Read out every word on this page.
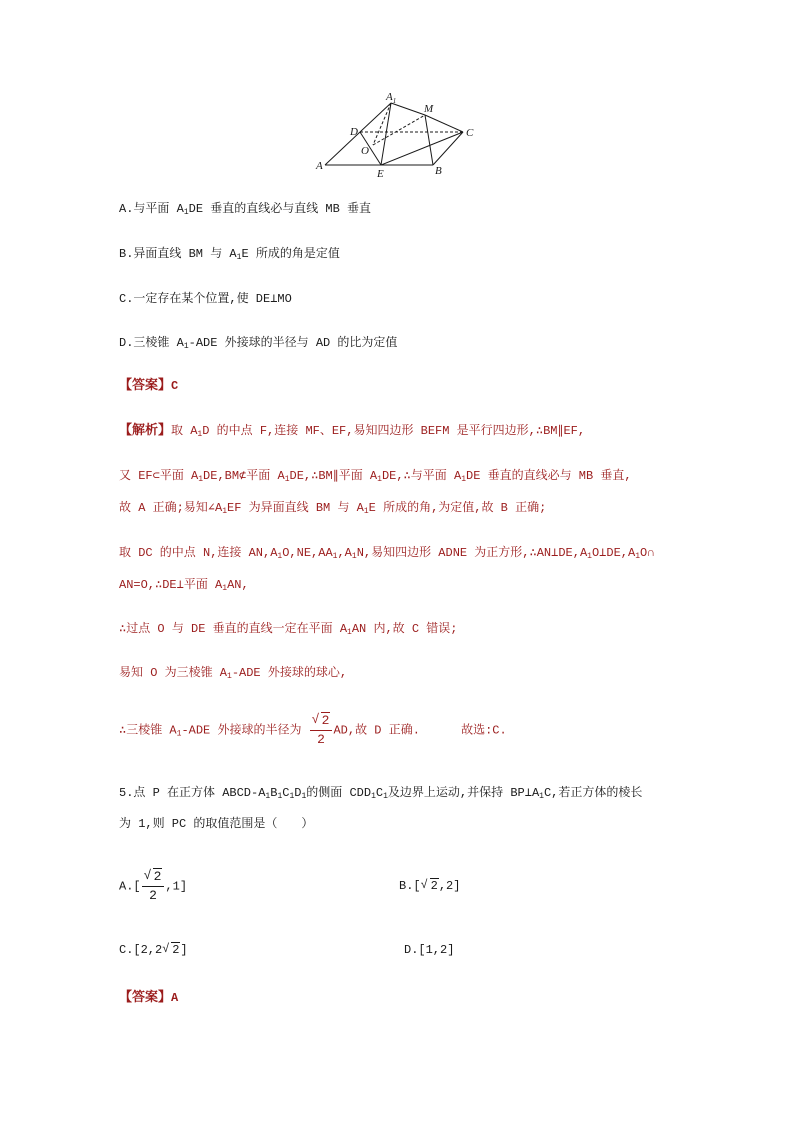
$A_1$
M
D	C
O
A
E	B
A.与平面 $A_1DE$ 垂直的直线必与直线 MB 垂直
B.异面直线 BM 与 $A_1E$ 所成的角是定值
C.一定存在某个位置,使 DE⊥MO
D.三棱锥 $A_1$-ADE 外接球的半径与 AD 的比为定值
【答案】C
【解析】取 $A_1D$ 的中点 F,连接 MF、EF,易知四边形 BEFM 是平行四边形,∴BM∥EF,
又 EF⊂平面 $A_1DE,BM⊄$平面 $A_1DE,\therefore BM\parallel$平面 $A_1DE,\therefore$与平面 $A_1DE$ 垂直的直线必与 MB 垂直,
故 A 正确;易知$\angle A_1EF$ 为异面直线 BM 与 $A_1E$ 所成的角,为定值,故 B 正确;
取 DC 的中点 N,连接 $AN,A_1O,NE,AA_1,A_1N$,易知四边形 ADNE 为正方形$,\therefore AN\perp DE,A_1O\perp DE,A_1O\cap$
AN=O,∴DE⊥平面 $A_1AN$,
∴过点 O 与 DE 垂直的直线一定在平面 $A_1AN$ 内,故 C 错误;
易知 O 为三棱锥 $A_1$-ADE 外接球的球心,
∴三棱锥 $A_1$-ADE 外接球的半径为 √ $\frac{2}{2}$ AD,故 D 正确.	故选:C.
5.点 P 在正方体 ABCD-$A_1B_1C_1D_1$的侧面 $CDD_1C_1$及边界上运动,并保持 $BP\perp A_1C$,若正方体的棱长
为 1,则 PC 的取值范围是（　　）
A.[ √ $\frac{2}{2} ,1$]	B.[ √ 2,2]
C.[2,2 √ 2]	D.[1,2]
【答案】A
